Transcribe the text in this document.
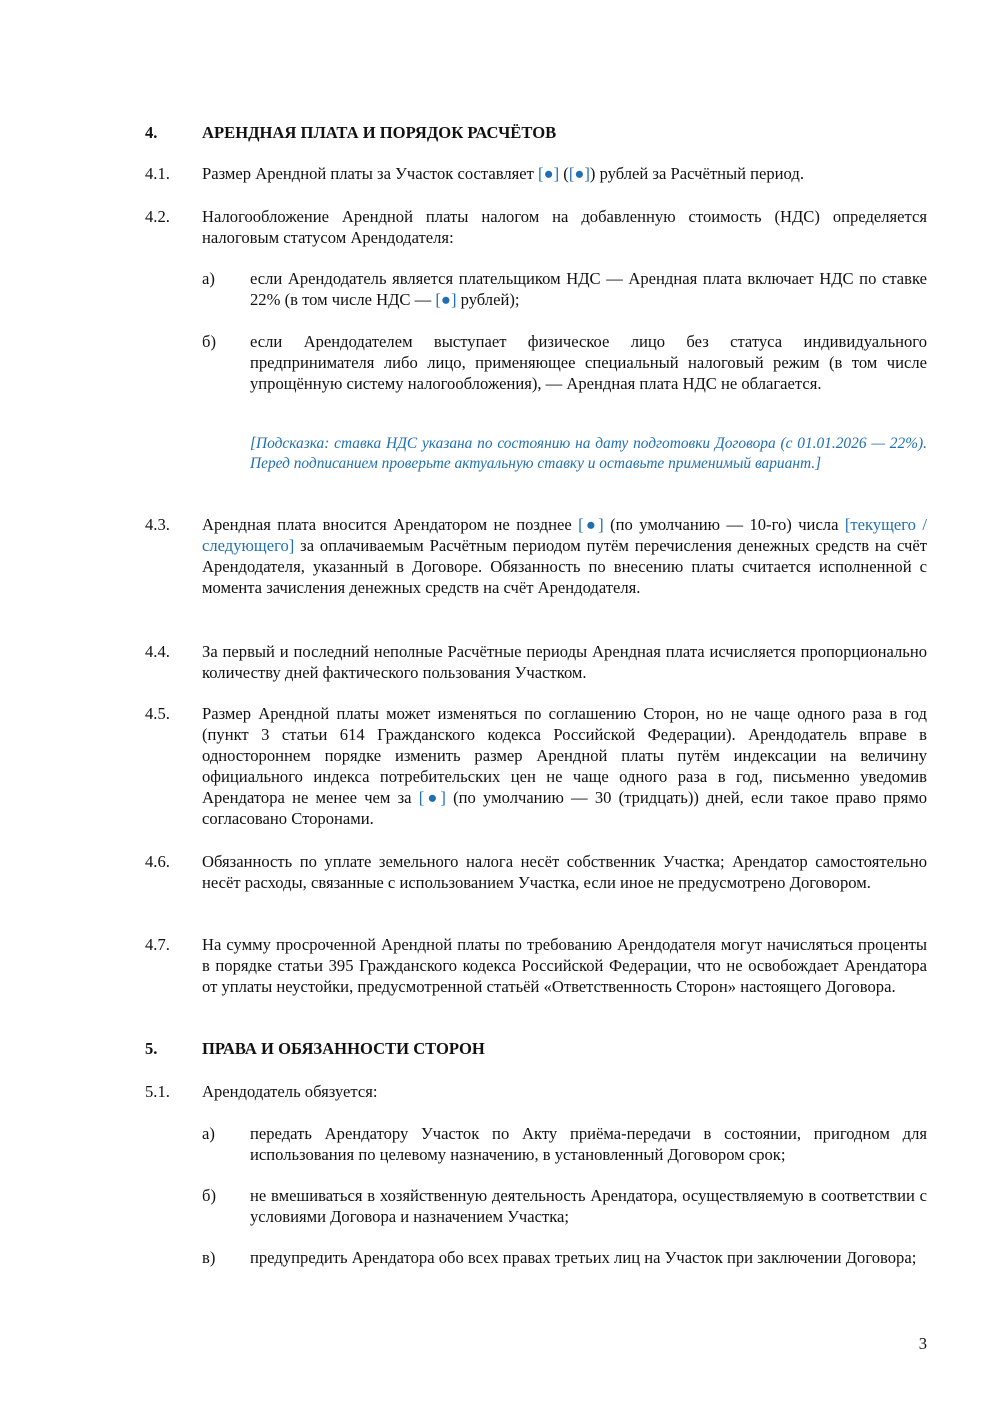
4.	АРЕНДНАЯ ПЛАТА И ПОРЯДОК РАСЧЁТОВ
4.1. Размер Арендной платы за Участок составляет [●] ([●]) рублей за Расчётный период.
4.2. Налогообложение Арендной платы налогом на добавленную стоимость (НДС) определяется налоговым статусом Арендодателя:
а) если Арендодатель является плательщиком НДС — Арендная плата включает НДС по ставке 22% (в том числе НДС — [●] рублей);
б) если Арендодателем выступает физическое лицо без статуса индивидуального предпринимателя либо лицо, применяющее специальный налоговый режим (в том числе упрощённую систему налогообложения), — Арендная плата НДС не облагается.
[Подсказка: ставка НДС указана по состоянию на дату подготовки Договора (с 01.01.2026 — 22%). Перед подписанием проверьте актуальную ставку и оставьте применимый вариант.]
4.3. Арендная плата вносится Арендатором не позднее [●] (по умолчанию — 10-го) числа [текущего / следующего] за оплачиваемым Расчётным периодом путём перечисления денежных средств на счёт Арендодателя, указанный в Договоре. Обязанность по внесению платы считается исполненной с момента зачисления денежных средств на счёт Арендодателя.
4.4. За первый и последний неполные Расчётные периоды Арендная плата исчисляется пропорционально количеству дней фактического пользования Участком.
4.5. Размер Арендной платы может изменяться по соглашению Сторон, но не чаще одного раза в год (пункт 3 статьи 614 Гражданского кодекса Российской Федерации). Арендодатель вправе в одностороннем порядке изменить размер Арендной платы путём индексации на величину официального индекса потребительских цен не чаще одного раза в год, письменно уведомив Арендатора не менее чем за [●] (по умолчанию — 30 (тридцать)) дней, если такое право прямо согласовано Сторонами.
4.6. Обязанность по уплате земельного налога несёт собственник Участка; Арендатор самостоятельно несёт расходы, связанные с использованием Участка, если иное не предусмотрено Договором.
4.7. На сумму просроченной Арендной платы по требованию Арендодателя могут начисляться проценты в порядке статьи 395 Гражданского кодекса Российской Федерации, что не освобождает Арендатора от уплаты неустойки, предусмотренной статьёй «Ответственность Сторон» настоящего Договора.
5.	ПРАВА И ОБЯЗАННОСТИ СТОРОН
5.1. Арендодатель обязуется:
а) передать Арендатору Участок по Акту приёма-передачи в состоянии, пригодном для использования по целевому назначению, в установленный Договором срок;
б) не вмешиваться в хозяйственную деятельность Арендатора, осуществляемую в соответствии с условиями Договора и назначением Участка;
в) предупредить Арендатора обо всех правах третьих лиц на Участок при заключении Договора;
3
